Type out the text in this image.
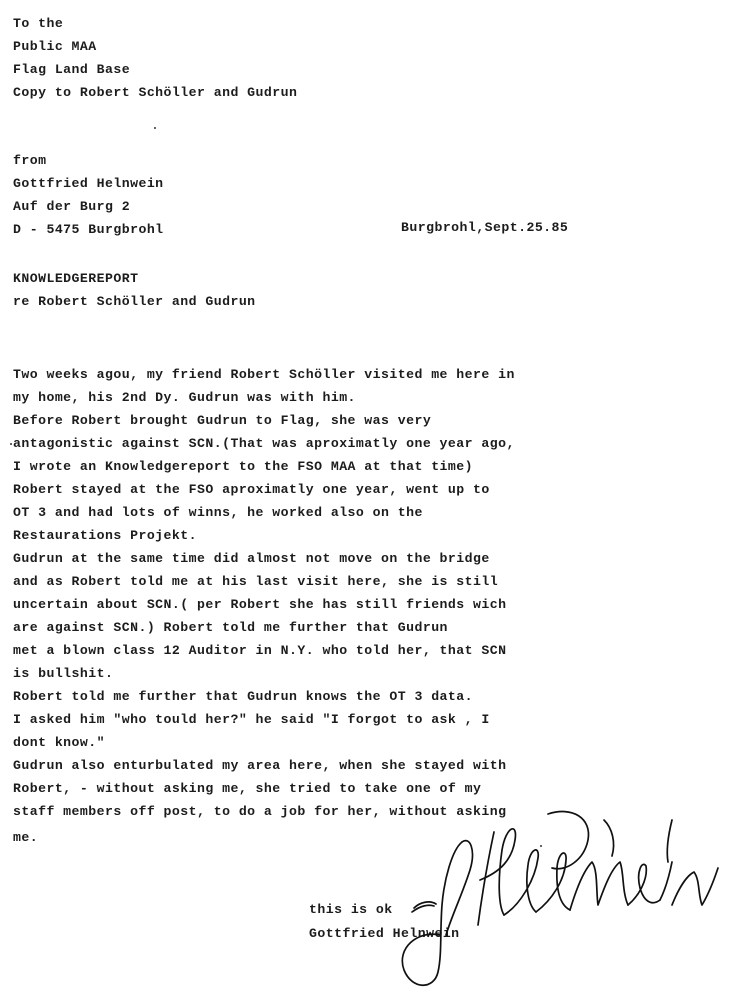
To the
Public MAA
Flag Land Base
Copy to Robert Schöller and Gudrun
from
Gottfried Helnwein
Auf der Burg 2
D - 5475 Burgbrohl	Burgbrohl,Sept.25.85
KNOWLEDGEREPORT
re Robert Schöller and Gudrun
Two weeks agou, my friend Robert Schöller visited me here in
my home, his 2nd Dy. Gudrun was with him.
Before Robert brought Gudrun to Flag, she was very
antagonistic against SCN.(That was aproximatly one year ago,
I wrote an Knowledgereport to the FSO MAA at that time)
Robert stayed at the FSO aproximatly one year, went up to
OT 3 and had lots of winns, he worked also on the
Restaurations Projekt.
Gudrun at the same time did almost not move on the bridge
and as Robert told me at his last visit here, she is still
uncertain about SCN.( per Robert she has still friends wich
are against SCN.) Robert told me further that Gudrun
met a blown class 12 Auditor in N.Y. who told her, that SCN
is bullshit.
Robert told me further that Gudrun knows the OT 3 data.
I asked him "who tould her?" he said "I forgot to ask , I
dont know."
Gudrun also enturbulated my area here, when she stayed with
Robert, - without asking me, she tried to take one of my
staff members off post, to do a job for her, without asking
me.
this is ok
Gottfried Helnwein
